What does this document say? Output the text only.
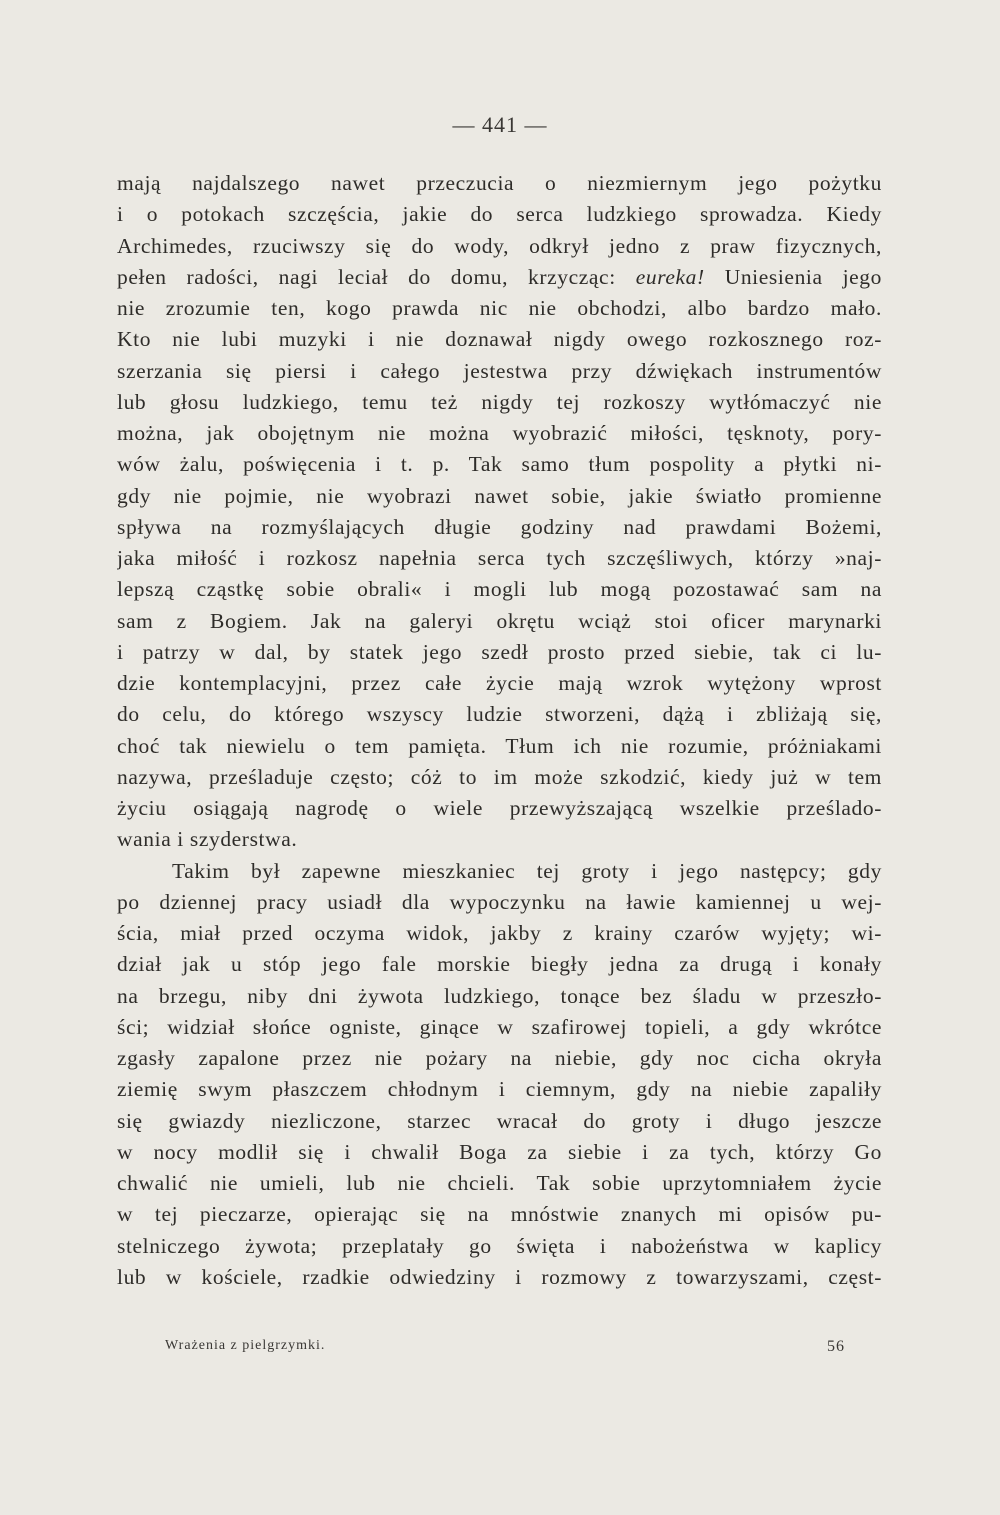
— 441 —
mają najdalszego nawet przeczucia o niezmiernym jego pożytku
i o potokach szczęścia, jakie do serca ludzkiego sprowadza. Kiedy
Archimedes, rzuciwszy się do wody, odkrył jedno z praw fizycznych,
pełen radości, nagi leciał do domu, krzycząc: eureka! Uniesienia jego
nie zrozumie ten, kogo prawda nic nie obchodzi, albo bardzo mało.
Kto nie lubi muzyki i nie doznawał nigdy owego rozkosznego roz-
szerzania się piersi i całego jestestwa przy dźwiękach instrumentów
lub głosu ludzkiego, temu też nigdy tej rozkoszy wytłómaczyć nie
można, jak obojętnym nie można wyobrazić miłości, tęsknoty, pory-
wów żalu, poświęcenia i t. p. Tak samo tłum pospolity a płytki ni-
gdy nie pojmie, nie wyobrazi nawet sobie, jakie światło promienne
spływa na rozmyślających długie godziny nad prawdami Bożemi,
jaka miłość i rozkosz napełnia serca tych szczęśliwych, którzy »naj-
lepszą cząstkę sobie obrali« i mogli lub mogą pozostawać sam na
sam z Bogiem. Jak na galeryi okrętu wciąż stoi oficer marynarki
i patrzy w dal, by statek jego szedł prosto przed siebie, tak ci lu-
dzie kontemplacyjni, przez całe życie mają wzrok wytężony wprost
do celu, do którego wszyscy ludzie stworzeni, dążą i zbliżają się,
choć tak niewielu o tem pamięta. Tłum ich nie rozumie, próżniakami
nazywa, prześladuje często; cóż to im może szkodzić, kiedy już w tem
życiu osiągają nagrodę o wiele przewyższającą wszelkie prześlado-
wania i szyderstwa.
Takim był zapewne mieszkaniec tej groty i jego następcy; gdy
po dziennej pracy usiadł dla wypoczynku na ławie kamiennej u wej-
ścia, miał przed oczyma widok, jakby z krainy czarów wyjęty; wi-
dział jak u stóp jego fale morskie biegły jedna za drugą i konały
na brzegu, niby dni żywota ludzkiego, tonące bez śladu w przeszło-
ści; widział słońce ogniste, ginące w szafirowej topieli, a gdy wkrótce
zgasły zapalone przez nie pożary na niebie, gdy noc cicha okryła
ziemię swym płaszczem chłodnym i ciemnym, gdy na niebie zapaliły
się gwiazdy niezliczone, starzec wracał do groty i długo jeszcze
w nocy modlił się i chwalił Boga za siebie i za tych, którzy Go
chwalić nie umieli, lub nie chcieli. Tak sobie uprzytomniałem życie
w tej pieczarze, opierając się na mnóstwie znanych mi opisów pu-
stelniczego żywota; przeplatały go święta i nabożeństwa w kaplicy
lub w kościele, rzadkie odwiedziny i rozmowy z towarzyszami, częst-
Wrażenia z pielgrzymki.	56
